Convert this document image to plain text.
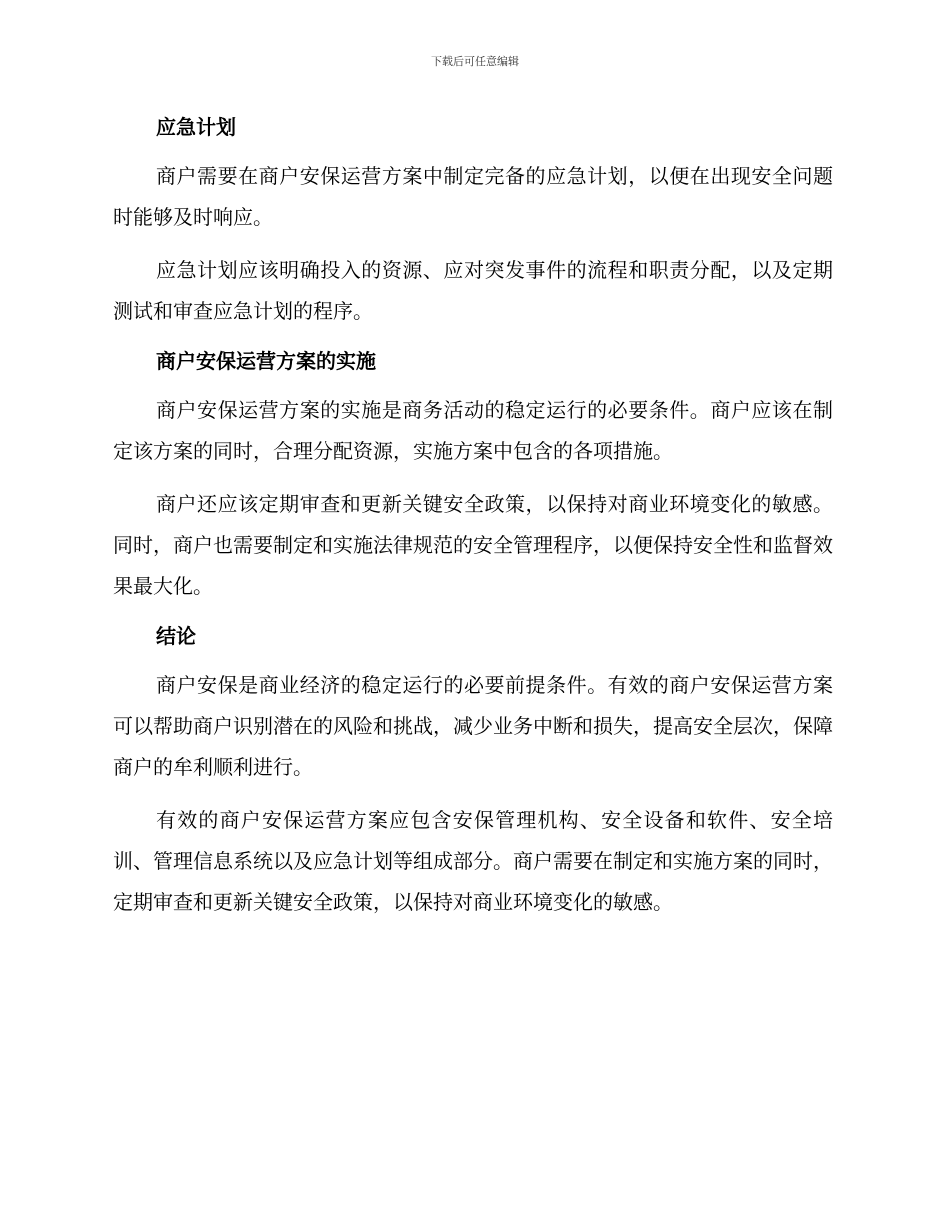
下载后可任意编辑
应急计划

商户需要在商户安保运营方案中制定完备的应急计划，以便在出现安全问题时能够及时响应。

应急计划应该明确投入的资源、应对突发事件的流程和职责分配，以及定期测试和审查应急计划的程序。

商户安保运营方案的实施

商户安保运营方案的实施是商务活动的稳定运行的必要条件。商户应该在制定该方案的同时，合理分配资源，实施方案中包含的各项措施。

商户还应该定期审查和更新关键安全政策，以保持对商业环境变化的敏感。同时，商户也需要制定和实施法律规范的安全管理程序，以便保持安全性和监督效果最大化。

结论

商户安保是商业经济的稳定运行的必要前提条件。有效的商户安保运营方案可以帮助商户识别潜在的风险和挑战，减少业务中断和损失，提高安全层次，保障商户的牟利顺利进行。

有效的商户安保运营方案应包含安保管理机构、安全设备和软件、安全培训、管理信息系统以及应急计划等组成部分。商户需要在制定和实施方案的同时，定期审查和更新关键安全政策，以保持对商业环境变化的敏感。
